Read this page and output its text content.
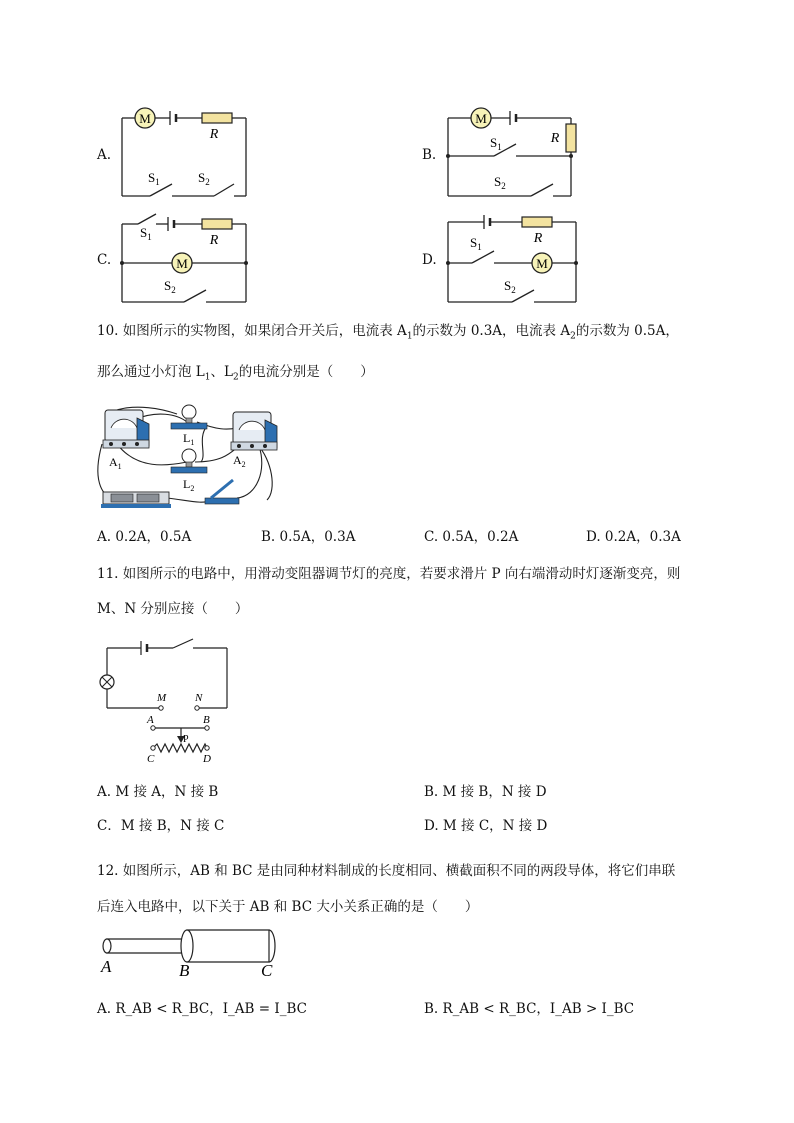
A.
M
R
$S_1$	$S_2$
B.
M
R
$S_1$
$S_2$
C.	M
R
$S_1$
$S_2$
D.	M
R
$S_1$
$S_2$
10. 如图所示的实物图，如果闭合开关后，电流表 $A_1$的示数为 0.3A，电流表 $A_2$的示数为 0.5A，
那么通过小灯泡 $L_1$、$L_2$的电流分别是（　　）
$A_1$
$L_1$
$L_2$
$A_2$
A. 0.2A，0.5A	B. 0.5A，0.3A	C. 0.5A，0.2A	D. 0.2A，0.3A
11. 如图所示的电路中，用滑动变阻器调节灯的亮度，若要求滑片 P 向右端滑动时灯逐渐变亮，则
M、N 分别应接（　　）
M	N
A	B
P
C	D
A. M 接 A，N 接 B	B. M 接 B，N 接 D
C．M 接 B，N 接 C	D. M 接 C，N 接 D
12. 如图所示，AB 和 BC 是由同种材料制成的长度相同、横截面积不同的两段导体，将它们串联
后连入电路中，以下关于 AB 和 BC 大小关系正确的是（　　）
A	B	C
A. R_AB < R_BC，I_AB = I_BC	B. R_AB < R_BC，I_AB > I_BC
